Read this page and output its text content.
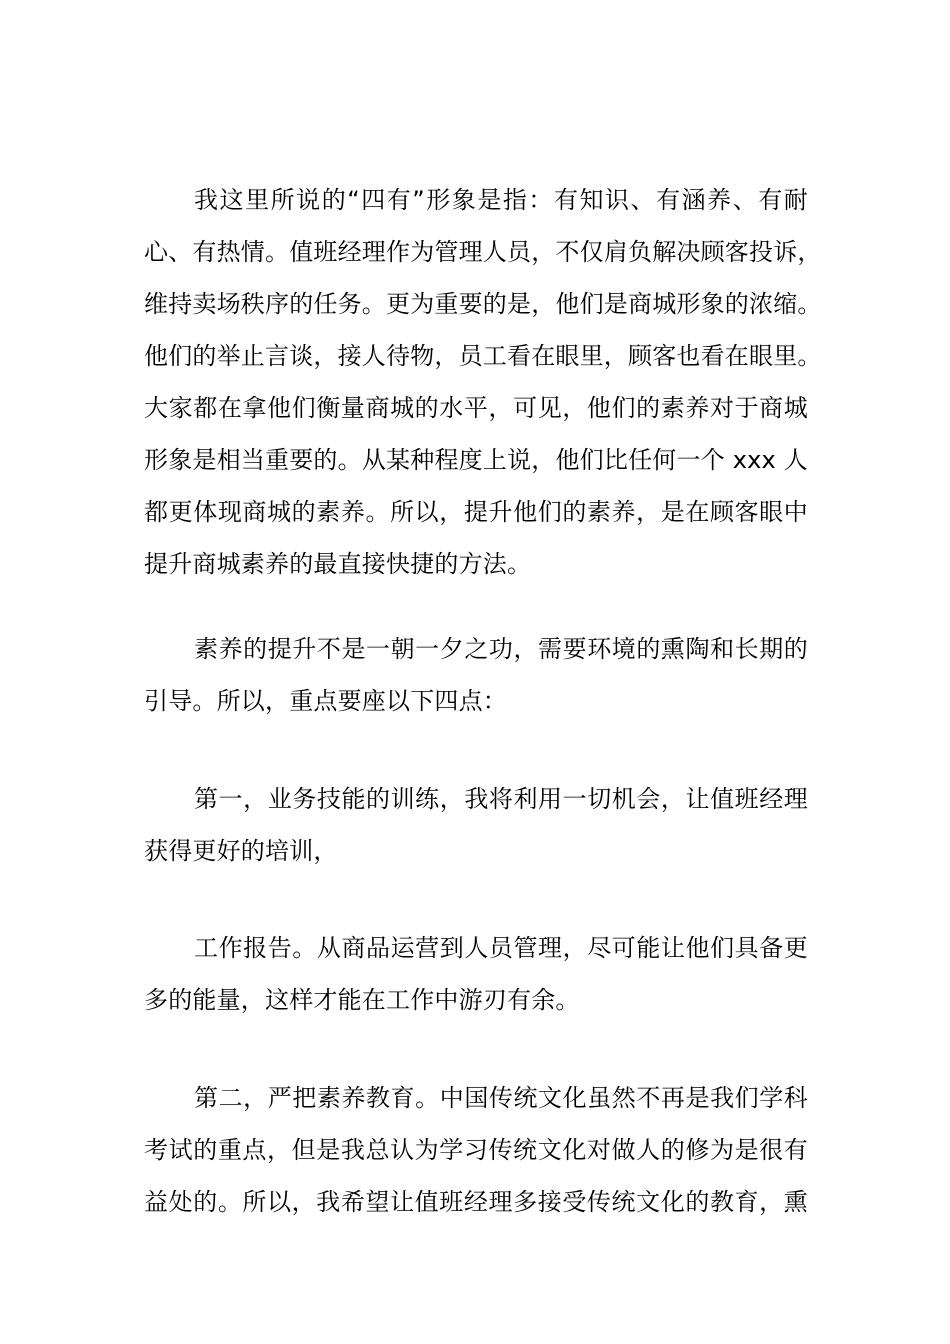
我这里所说的“四有”形象是指：有知识、有涵养、有耐
心、有热情。值班经理作为管理人员，不仅肩负解决顾客投诉，
维持卖场秩序的任务。更为重要的是，他们是商城形象的浓缩。
他们的举止言谈，接人待物，员工看在眼里，顾客也看在眼里。
大家都在拿他们衡量商城的水平，可见，他们的素养对于商城
形象是相当重要的。从某种程度上说，他们比任何一个 xxx 人
都更体现商城的素养。所以，提升他们的素养，是在顾客眼中
提升商城素养的最直接快捷的方法。
素养的提升不是一朝一夕之功，需要环境的熏陶和长期的
引导。所以，重点要座以下四点：
第一，业务技能的训练，我将利用一切机会，让值班经理
获得更好的培训，
工作报告。从商品运营到人员管理，尽可能让他们具备更
多的能量，这样才能在工作中游刃有余。
第二，严把素养教育。中国传统文化虽然不再是我们学科
考试的重点，但是我总认为学习传统文化对做人的修为是很有
益处的。所以，我希望让值班经理多接受传统文化的教育，熏
